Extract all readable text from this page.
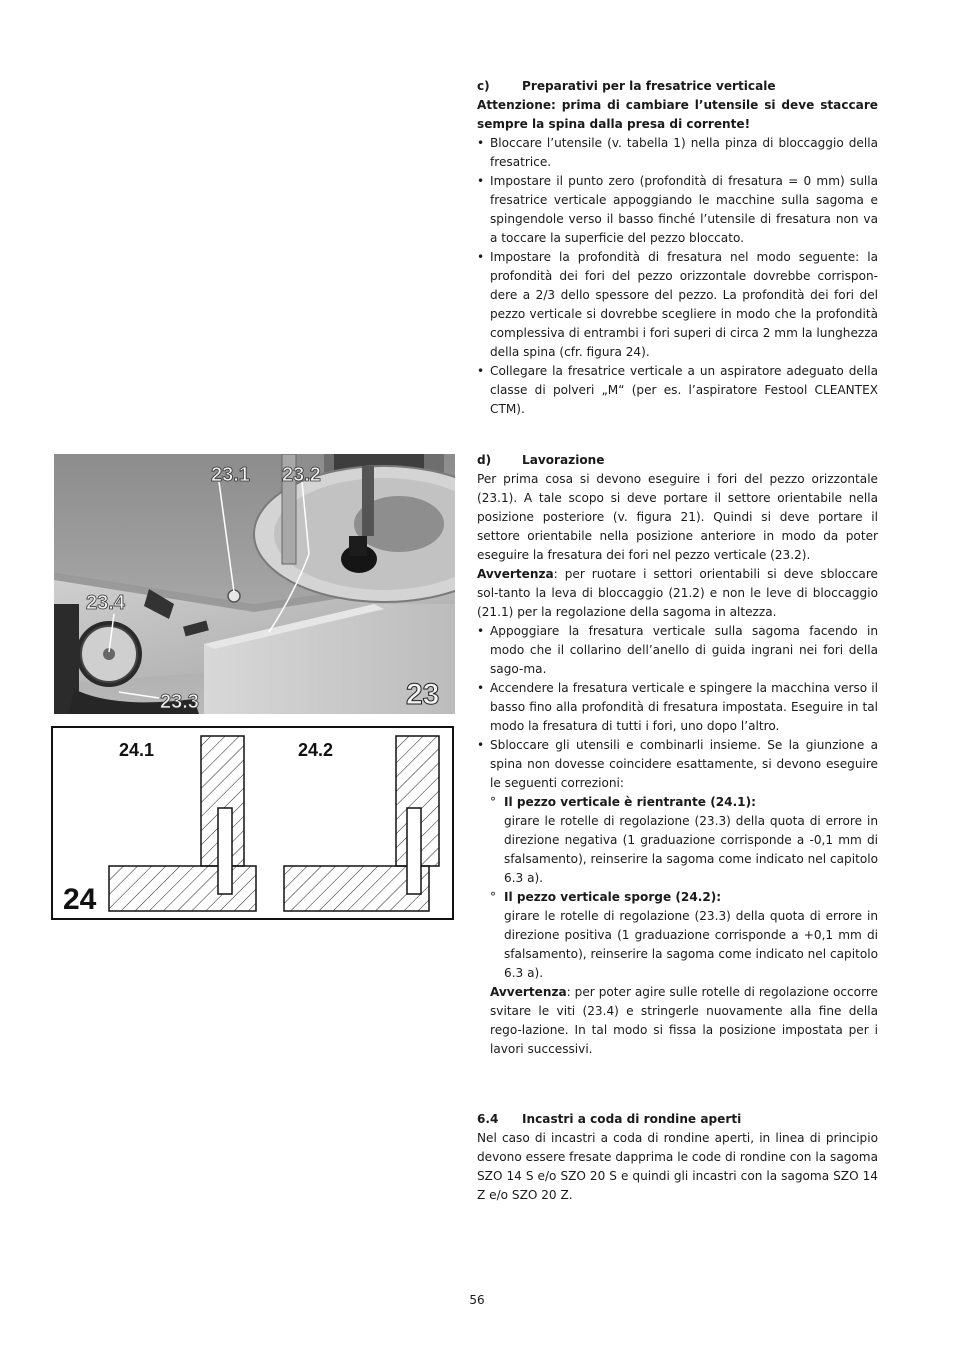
c)	Preparativi per la fresatrice verticale

Attenzione: prima di cambiare l’utensile si deve staccare sempre la spina dalla presa di corrente!

• Bloccare l’utensile (v. tabella 1) nella pinza di bloccaggio della fresatrice.
• Impostare il punto zero (profondità di fresatura = 0 mm) sulla fresatrice verticale appoggiando le macchine sulla sagoma e spingendole verso il basso finché l’utensile di fresatura non va a toccare la superficie del pezzo bloccato.
• Impostare la profondità di fresatura nel modo seguente: la profondità dei fori del pezzo orizzontale dovrebbe corrispon-dere a 2/3 dello spessore del pezzo. La profondità dei fori del pezzo verticale si dovrebbe scegliere in modo che la profondità complessiva di entrambi i fori superi di circa 2 mm la lunghezza della spina (cfr. figura 24).
• Collegare la fresatrice verticale a un aspiratore adeguato della classe di polveri „M“ (per es. l’aspiratore Festool CLEANTEX CTM).
d)	Lavorazione

Per prima cosa si devono eseguire i fori del pezzo orizzontale (23.1). A tale scopo si deve portare il settore orientabile nella posizione posteriore (v. figura 21). Quindi si deve portare il settore orientabile nella posizione anteriore in modo da poter eseguire la fresatura dei fori nel pezzo verticale (23.2).

Avvertenza: per ruotare i settori orientabili si deve sbloccare sol-tanto la leva di bloccaggio (21.2) e non le leve di bloccaggio (21.1) per la regolazione della sagoma in altezza.

• Appoggiare la fresatura verticale sulla sagoma facendo in modo che il collarino dell’anello di guida ingrani nei fori della sago-ma.
• Accendere la fresatura verticale e spingere la macchina verso il basso fino alla profondità di fresatura impostata. Eseguire in tal modo la fresatura di tutti i fori, uno dopo l’altro.
• Sbloccare gli utensili e combinarli insieme. Se la giunzione a spina non dovesse coincidere esattamente, si devono eseguire le seguenti correzioni:
° Il pezzo verticale è rientrante (24.1):
girare le rotelle di regolazione (23.3) della quota di errore in direzione negativa (1 graduazione corrisponde a -0,1 mm di sfalsamento), reinserire la sagoma come indicato nel capitolo 6.3 a).
° Il pezzo verticale sporge (24.2):
girare le rotelle di regolazione (23.3) della quota di errore in direzione positiva (1 graduazione corrisponde a +0,1 mm di sfalsamento), reinserire la sagoma come indicato nel capitolo 6.3 a).

Avvertenza: per poter agire sulle rotelle di regolazione occorre svitare le viti (23.4) e stringerle nuovamente alla fine della rego-lazione. In tal modo si fissa la posizione impostata per i lavori successivi.

6.4	Incastri a coda di rondine aperti

Nel caso di incastri a coda di rondine aperti, in linea di principio devono essere fresate dapprima le code di rondine con la sagoma SZO 14 S e/o SZO 20 S e quindi gli incastri con la sagoma SZO 14 Z e/o SZO 20 Z.

23.1 23.2
23.4
23.3	23
24.1	24.2
24
56
